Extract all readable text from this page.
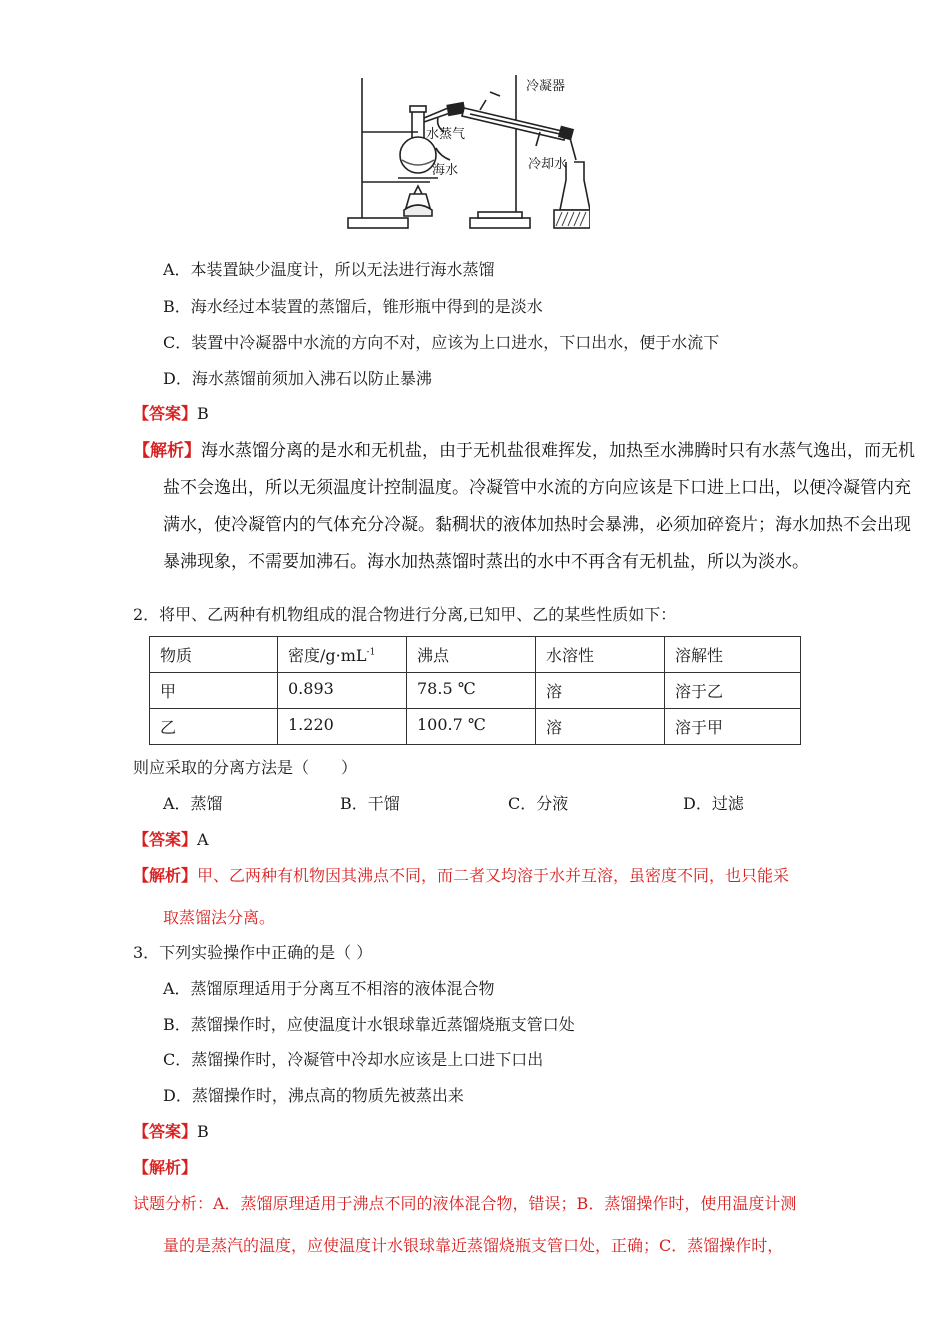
水蒸气
海水
冷凝器
冷却水
A．本装置缺少温度计，所以无法进行海水蒸馏
B．海水经过本装置的蒸馏后，锥形瓶中得到的是淡水
C．装置中冷凝器中水流的方向不对，应该为上口进水，下口出水，便于水流下
D．海水蒸馏前须加入沸石以防止暴沸
【答案】B
【解析】海水蒸馏分离的是水和无机盐，由于无机盐很难挥发，加热至水沸腾时只有水蒸气逸出，而无机
盐不会逸出，所以无须温度计控制温度。冷凝管中水流的方向应该是下口进上口出，以便冷凝管内充
满水，使冷凝管内的气体充分冷凝。黏稠状的液体加热时会暴沸，必须加碎瓷片；海水加热不会出现
暴沸现象，不需要加沸石。海水加热蒸馏时蒸出的水中不再含有无机盐，所以为淡水。
2．将甲、乙两种有机物组成的混合物进行分离,已知甲、乙的某些性质如下：
物质	密度$/g\cdot mL^{-1}$	沸点	水溶性	溶解性
甲	0.893	78.5 ℃	溶	溶于乙
乙	1.220	100.7 ℃	溶	溶于甲
则应采取的分离方法是（　　）
A．蒸馏	B．干馏	C．分液	D．过滤
【答案】A
【解析】甲、乙两种有机物因其沸点不同，而二者又均溶于水并互溶，虽密度不同，也只能采
取蒸馏法分离。
3．下列实验操作中正确的是（ ）
A．蒸馏原理适用于分离互不相溶的液体混合物
B．蒸馏操作时，应使温度计水银球靠近蒸馏烧瓶支管口处
C．蒸馏操作时，冷凝管中冷却水应该是上口进下口出
D．蒸馏操作时，沸点高的物质先被蒸出来
【答案】B
【解析】
试题分析：A．蒸馏原理适用于沸点不同的液体混合物，错误；B．蒸馏操作时，使用温度计测
量的是蒸汽的温度，应使温度计水银球靠近蒸馏烧瓶支管口处，正确；C．蒸馏操作时，
